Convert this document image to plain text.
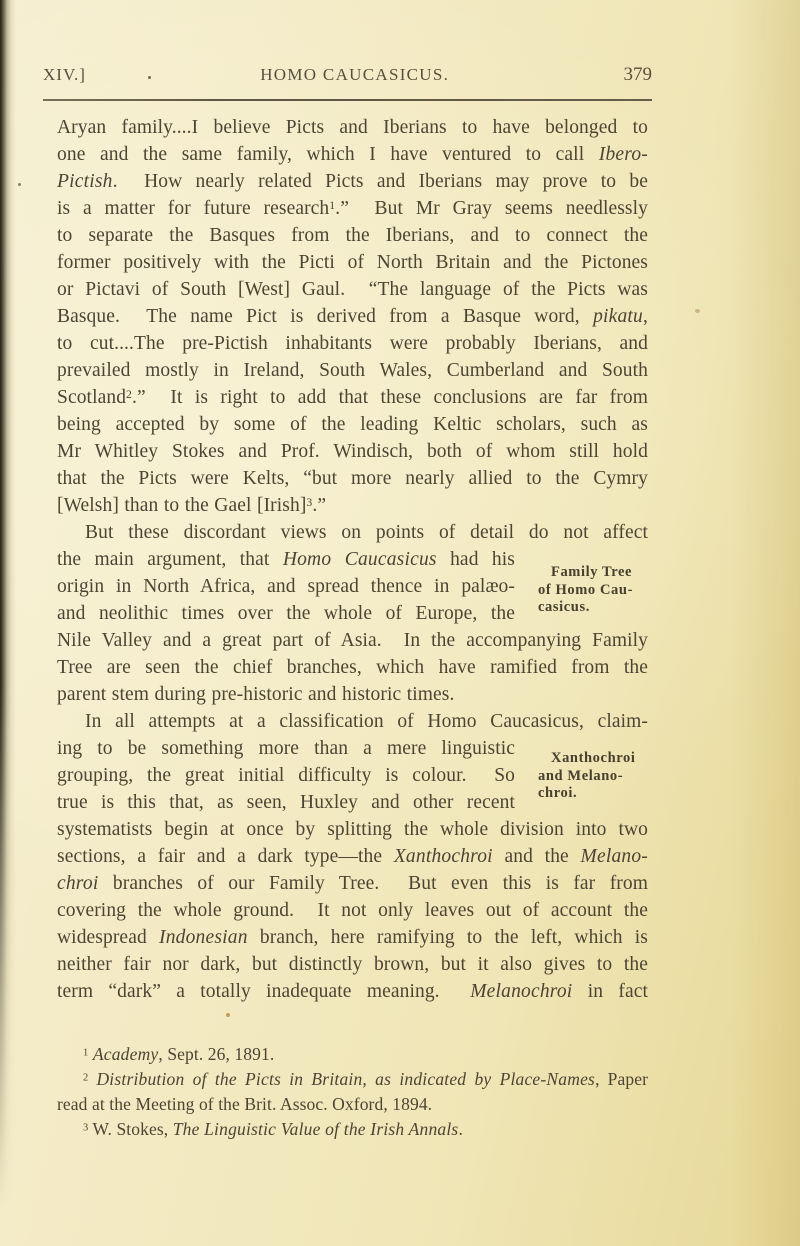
XIV.]	HOMO CAUCASICUS.	379
Aryan family....I believe Picts and Iberians to have belonged to
one and the same family, which I have ventured to call Ibero-
Pictish.  How nearly related Picts and Iberians may prove to be
is a matter for future research$^1$.”  But Mr Gray seems needlessly
to separate the Basques from the Iberians, and to connect the
former positively with the Picti of North Britain and the Pictones
or Pictavi of South [West] Gaul.  “The language of the Picts was
Basque.  The name Pict is derived from a Basque word, pikatu,
to cut....The pre-Pictish inhabitants were probably Iberians, and
prevailed mostly in Ireland, South Wales, Cumberland and South
Scotland$^2$.”  It is right to add that these conclusions are far from
being accepted by some of the leading Keltic scholars, such as
Mr Whitley Stokes and Prof. Windisch, both of whom still hold
that the Picts were Kelts, “but more nearly allied to the Cymry
[Welsh] than to the Gael [Irish]$^3$.”
But these discordant views on points of detail do not affect
the main argument, that Homo Caucasicus had his
origin in North Africa, and spread thence in palæo-
and neolithic times over the whole of Europe, the
Nile Valley and a great part of Asia.  In the accompanying Family
Tree are seen the chief branches, which have ramified from the
parent stem during pre-historic and historic times.
In all attempts at a classification of Homo Caucasicus, claim-
ing to be something more than a mere linguistic
grouping, the great initial difficulty is colour.  So
true is this that, as seen, Huxley and other recent
systematists begin at once by splitting the whole division into two
sections, a fair and a dark type—the Xanthochroi and the Melano-
chroi branches of our Family Tree.  But even this is far from
covering the whole ground.  It not only leaves out of account the
widespread Indonesian branch, here ramifying to the left, which is
neither fair nor dark, but distinctly brown, but it also gives to the
term “dark” a totally inadequate meaning.  Melanochroi in fact
Family Tree
of Homo Cau-
casicus.
Xanthochroi
and Melano-
chroi.
$^1$ Academy, Sept. 26, 1891.
$^2$ Distribution of the Picts in Britain, as indicated by Place-Names, Paper
read at the Meeting of the Brit. Assoc. Oxford, 1894.
$^3$ W. Stokes, The Linguistic Value of the Irish Annals.
